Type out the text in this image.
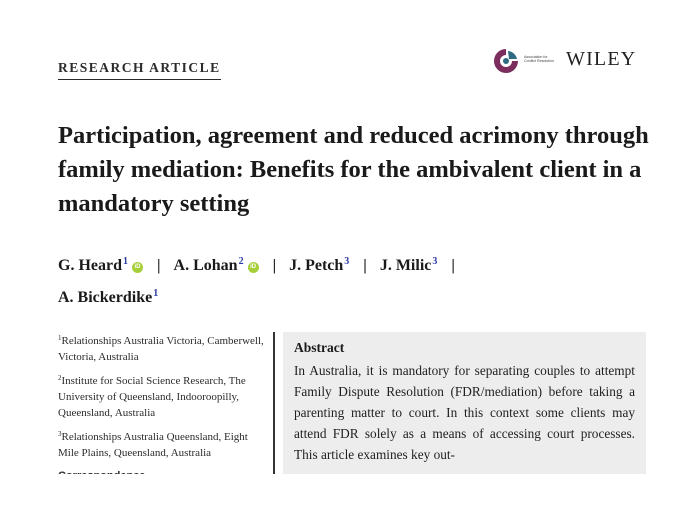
RESEARCH ARTICLE
Association for Conflict Resolution WILEY
Participation, agreement and reduced acrimony through family mediation: Benefits for the ambivalent client in a mandatory setting
G. Heard$^1$ iD | A. Lohan$^2$ iD | J. Petch$^3$ | J. Milic$^3$ |
A. Bickerdike$^1$
$^1$Relationships Australia Victoria, Camberwell, Victoria, Australia
$^2$Institute for Social Science Research, The University of Queensland, Indooroopilly, Queensland, Australia
$^3$Relationships Australia Queensland, Eight Mile Plains, Queensland, Australia
Abstract

In Australia, it is mandatory for separating couples to attempt Family Dispute Resolution (FDR/mediation) before taking a parenting matter to court. In this context some clients may attend FDR solely as a means of accessing court processes. This article examines key out-
